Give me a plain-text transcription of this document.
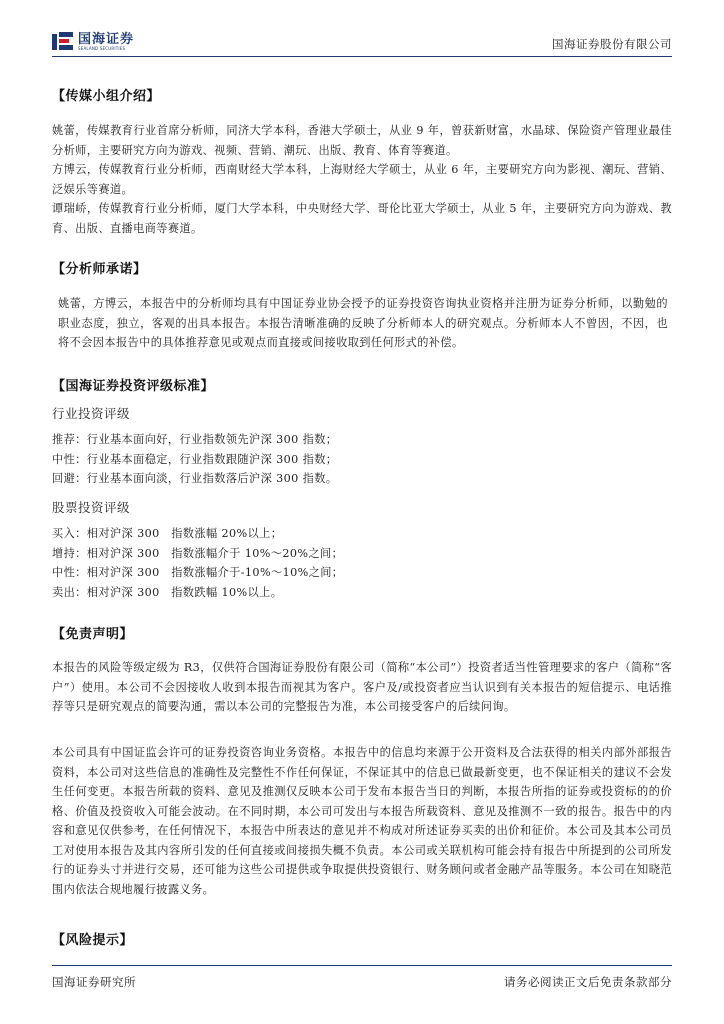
国海证券
SEALAND SECURITIES	国海证券股份有限公司
【传媒小组介绍】

姚蕾，传媒教育行业首席分析师，同济大学本科，香港大学硕士，从业 9 年，曾获新财富，水晶球、保险资产管理业最佳分析师，主要研究方向为游戏、视频、营销、潮玩、出版、教育、体育等赛道。

方博云，传媒教育行业分析师，西南财经大学本科，上海财经大学硕士，从业 6 年，主要研究方向为影视、潮玩、营销、泛娱乐等赛道。

谭瑞峤，传媒教育行业分析师，厦门大学本科，中央财经大学、哥伦比亚大学硕士，从业 5 年，主要研究方向为游戏、教育、出版、直播电商等赛道。

【分析师承诺】
姚蕾，方博云，本报告中的分析师均具有中国证券业协会授予的证券投资咨询执业资格并注册为证券分析师，以勤勉的职业态度，独立，客观的出具本报告。本报告清晰准确的反映了分析师本人的研究观点。分析师本人不曾因，不因，也将不会因本报告中的具体推荐意见或观点而直接或间接收取到任何形式的补偿。
【国海证券投资评级标准】
行业投资评级
推荐：行业基本面向好，行业指数领先沪深 300 指数；
中性：行业基本面稳定，行业指数跟随沪深 300 指数；
回避：行业基本面向淡，行业指数落后沪深 300 指数。
股票投资评级
买入：相对沪深 300　指数涨幅 20%以上；
增持：相对沪深 300　指数涨幅介于 10%～20%之间；
中性：相对沪深 300　指数涨幅介于-10%～10%之间；
卖出：相对沪深 300　指数跌幅 10%以上。
【免责声明】
本报告的风险等级定级为 R3，仅供符合国海证券股份有限公司（简称“本公司”）投资者适当性管理要求的客户（简称“客户”）使用。本公司不会因接收人收到本报告而视其为客户。客户及/或投资者应当认识到有关本报告的短信提示、电话推荐等只是研究观点的简要沟通，需以本公司的完整报告为准，本公司接受客户的后续问询。
本公司具有中国证监会许可的证券投资咨询业务资格。本报告中的信息均来源于公开资料及合法获得的相关内部外部报告资料，本公司对这些信息的准确性及完整性不作任何保证，不保证其中的信息已做最新变更，也不保证相关的建议不会发生任何变更。本报告所载的资料、意见及推测仅反映本公司于发布本报告当日的判断，本报告所指的证券或投资标的的价格、价值及投资收入可能会波动。在不同时期，本公司可发出与本报告所载资料、意见及推测不一致的报告。报告中的内容和意见仅供参考，在任何情况下，本报告中所表达的意见并不构成对所述证券买卖的出价和征价。本公司及其本公司员工对使用本报告及其内容所引发的任何直接或间接损失概不负责。本公司或关联机构可能会持有报告中所提到的公司所发行的证券头寸并进行交易，还可能为这些公司提供或争取提供投资银行、财务顾问或者金融产品等服务。本公司在知晓范围内依法合规地履行披露义务。
【风险提示】
国海证券研究所	请务必阅读正文后免责条款部分
